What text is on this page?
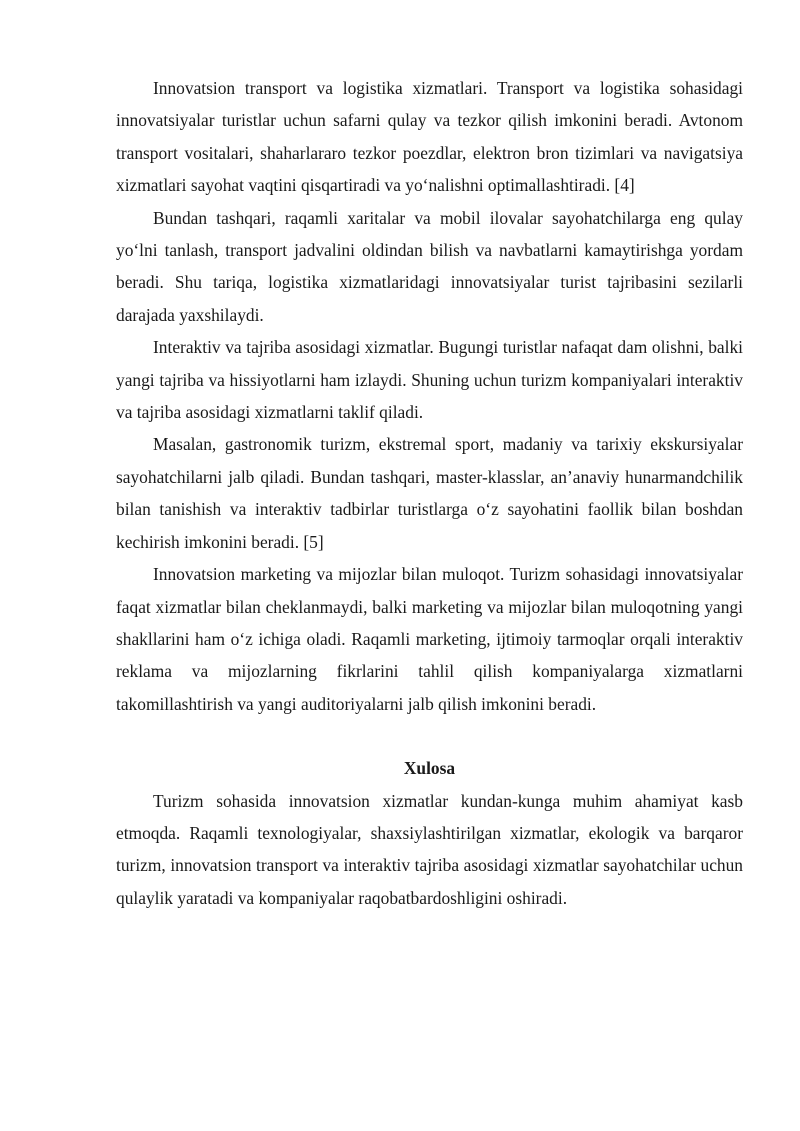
Innovatsion transport va logistika xizmatlari. Transport va logistika sohasidagi innovatsiyalar turistlar uchun safarni qulay va tezkor qilish imkonini beradi. Avtonom transport vositalari, shaharlararo tezkor poezdlar, elektron bron tizimlari va navigatsiya xizmatlari sayohat vaqtini qisqartiradi va yoʻnalishni optimallashtiradi. [4]

Bundan tashqari, raqamli xaritalar va mobil ilovalar sayohatchilarga eng qulay yoʻlni tanlash, transport jadvalini oldindan bilish va navbatlarni kamaytirishga yordam beradi. Shu tariqa, logistika xizmatlaridagi innovatsiyalar turist tajribasini sezilarli darajada yaxshilaydi.

Interaktiv va tajriba asosidagi xizmatlar. Bugungi turistlar nafaqat dam olishni, balki yangi tajriba va hissiyotlarni ham izlaydi. Shuning uchun turizm kompaniyalari interaktiv va tajriba asosidagi xizmatlarni taklif qiladi.

Masalan, gastronomik turizm, ekstremal sport, madaniy va tarixiy ekskursiyalar sayohatchilarni jalb qiladi. Bundan tashqari, master-klasslar, an’anaviy hunarmandchilik bilan tanishish va interaktiv tadbirlar turistlarga oʻz sayohatini faollik bilan boshdan kechirish imkonini beradi. [5]

Innovatsion marketing va mijozlar bilan muloqot. Turizm sohasidagi innovatsiyalar faqat xizmatlar bilan cheklanmaydi, balki marketing va mijozlar bilan muloqotning yangi shakllarini ham oʻz ichiga oladi. Raqamli marketing, ijtimoiy tarmoqlar orqali interaktiv reklama va mijozlarning fikrlarini tahlil qilish kompaniyalarga xizmatlarni takomillashtirish va yangi auditoriyalarni jalb qilish imkonini beradi.

Xulosa

Turizm sohasida innovatsion xizmatlar kundan-kunga muhim ahamiyat kasb etmoqda. Raqamli texnologiyalar, shaxsiylashtirilgan xizmatlar, ekologik va barqaror turizm, innovatsion transport va interaktiv tajriba asosidagi xizmatlar sayohatchilar uchun qulaylik yaratadi va kompaniyalar raqobatbardoshligini oshiradi.
